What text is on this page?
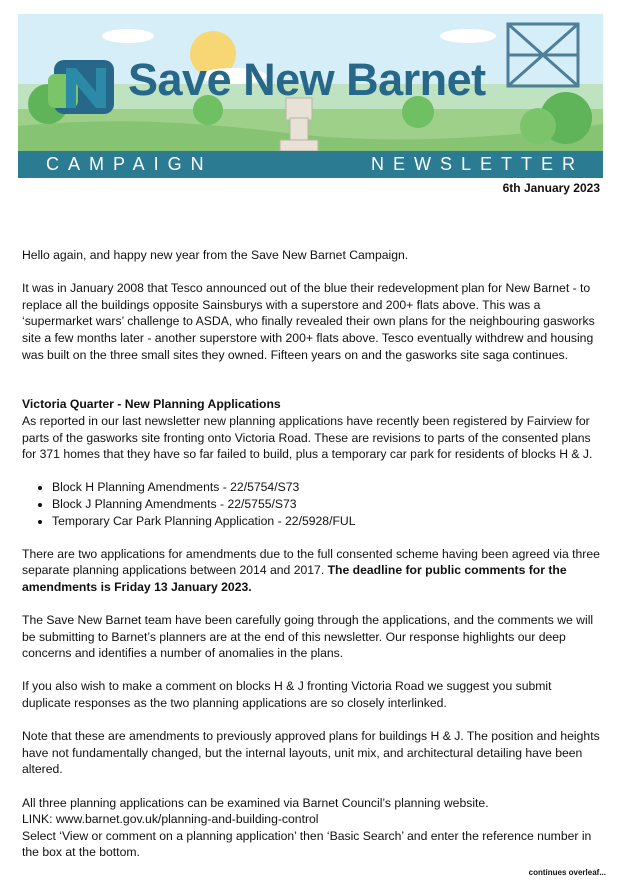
Save New Barnet
CAMPAIGN	NEWSLETTER
6th January 2023

Hello again, and happy new year from the Save New Barnet Campaign.

It was in January 2008 that Tesco announced out of the blue their redevelopment plan for New Barnet - to replace all the buildings opposite Sainsburys with a superstore and 200+ flats above. This was a ‘supermarket wars’ challenge to ASDA, who finally revealed their own plans for the neighbouring gasworks site a few months later - another superstore with 200+ flats above. Tesco eventually withdrew and housing was built on the three small sites they owned. Fifteen years on and the gasworks site saga continues.

Victoria Quarter - New Planning Applications

As reported in our last newsletter new planning applications have recently been registered by Fairview for parts of the gasworks site fronting onto Victoria Road. These are revisions to parts of the consented plans for 371 homes that they have so far failed to build, plus a temporary car park for residents of blocks H & J.

• Block H Planning Amendments - 22/5754/S73
• Block J Planning Amendments - 22/5755/S73
• Temporary Car Park Planning Application - 22/5928/FUL

There are two applications for amendments due to the full consented scheme having been agreed via three separate planning applications between 2014 and 2017. The deadline for public comments for the amendments is Friday 13 January 2023.

The Save New Barnet team have been carefully going through the applications, and the comments we will be submitting to Barnet’s planners are at the end of this newsletter. Our response highlights our deep concerns and identifies a number of anomalies in the plans.

If you also wish to make a comment on blocks H & J fronting Victoria Road we suggest you submit duplicate responses as the two planning applications are so closely interlinked.

Note that these are amendments to previously approved plans for buildings H & J. The position and heights have not fundamentally changed, but the internal layouts, unit mix, and architectural detailing have been altered.

All three planning applications can be examined via Barnet Council’s planning website.
LINK: www.barnet.gov.uk/planning-and-building-control
Select ‘View or comment on a planning application’ then ‘Basic Search’ and enter the reference number in the box at the bottom.
continues overleaf...
